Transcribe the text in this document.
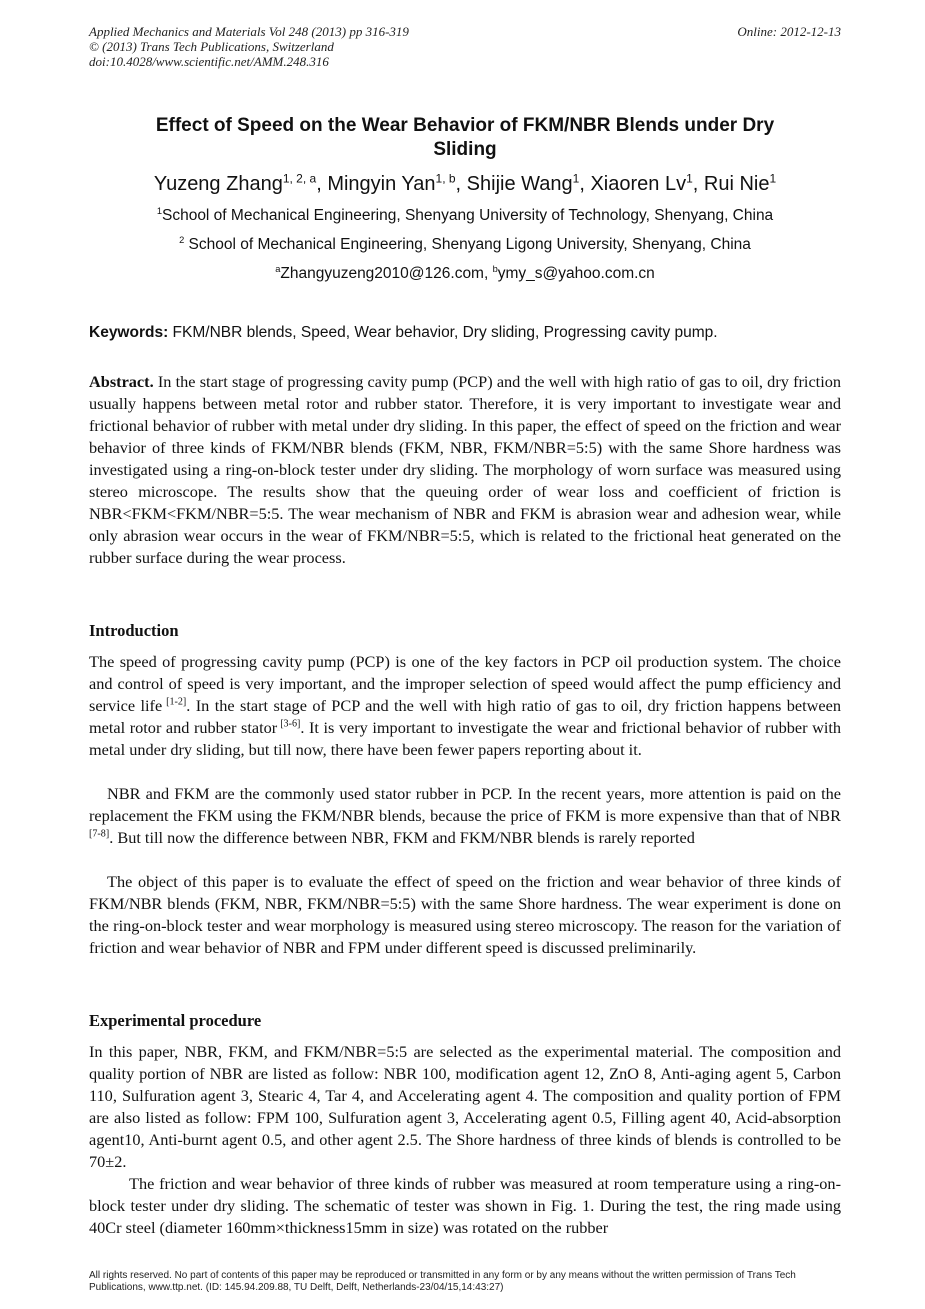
Applied Mechanics and Materials Vol 248 (2013) pp 316-319	Online: 2012-12-13
© (2013) Trans Tech Publications, Switzerland
doi:10.4028/www.scientific.net/AMM.248.316
Effect of Speed on the Wear Behavior of FKM/NBR Blends under Dry
Sliding
Yuzeng Zhang$^{1, 2, a}$, Mingyin Yan$^{1, b}$, Shijie Wang$^1$, Xiaoren Lv$^1$, Rui Nie$^1$
$^1$School of Mechanical Engineering, Shenyang University of Technology, Shenyang, China
$^2$ School of Mechanical Engineering, Shenyang Ligong University, Shenyang, China
$^a$Zhangyuzeng2010@126.com, $^b$ymy_s@yahoo.com.cn
Keywords: FKM/NBR blends, Speed, Wear behavior, Dry sliding, Progressing cavity pump.
Abstract. In the start stage of progressing cavity pump (PCP) and the well with high ratio of gas to oil, dry friction usually happens between metal rotor and rubber stator. Therefore, it is very important to investigate wear and frictional behavior of rubber with metal under dry sliding. In this paper, the effect of speed on the friction and wear behavior of three kinds of FKM/NBR blends (FKM, NBR, FKM/NBR=5:5) with the same Shore hardness was investigated using a ring-on-block tester under dry sliding. The morphology of worn surface was measured using stereo microscope. The results show that the queuing order of wear loss and coefficient of friction is NBR<FKM<FKM/NBR=5:5. The wear mechanism of NBR and FKM is abrasion wear and adhesion wear, while only abrasion wear occurs in the wear of FKM/NBR=5:5, which is related to the frictional heat generated on the rubber surface during the wear process.
Introduction
The speed of progressing cavity pump (PCP) is one of the key factors in PCP oil production system. The choice and control of speed is very important, and the improper selection of speed would affect the pump efficiency and service life [1-2]. In the start stage of PCP and the well with high ratio of gas to oil, dry friction happens between metal rotor and rubber stator [3-6]. It is very important to investigate the wear and frictional behavior of rubber with metal under dry sliding, but till now, there have been fewer papers reporting about it.
NBR and FKM are the commonly used stator rubber in PCP. In the recent years, more attention is paid on the replacement the FKM using the FKM/NBR blends, because the price of FKM is more expensive than that of NBR [7-8]. But till now the difference between NBR, FKM and FKM/NBR blends is rarely reported
The object of this paper is to evaluate the effect of speed on the friction and wear behavior of three kinds of FKM/NBR blends (FKM, NBR, FKM/NBR=5:5) with the same Shore hardness. The wear experiment is done on the ring-on-block tester and wear morphology is measured using stereo microscopy. The reason for the variation of friction and wear behavior of NBR and FPM under different speed is discussed preliminarily.
Experimental procedure
In this paper, NBR, FKM, and FKM/NBR=5:5 are selected as the experimental material. The composition and quality portion of NBR are listed as follow: NBR 100, modification agent 12, ZnO 8, Anti-aging agent 5, Carbon 110, Sulfuration agent 3, Stearic 4, Tar 4, and Accelerating agent 4. The composition and quality portion of FPM are also listed as follow: FPM 100, Sulfuration agent 3, Accelerating agent 0.5, Filling agent 40, Acid-absorption agent10, Anti-burnt agent 0.5, and other agent 2.5. The Shore hardness of three kinds of blends is controlled to be 70±2.
The friction and wear behavior of three kinds of rubber was measured at room temperature using a ring-on-block tester under dry sliding. The schematic of tester was shown in Fig. 1. During the test, the ring made using 40Cr steel (diameter 160mm×thickness15mm in size) was rotated on the rubber
All rights reserved. No part of contents of this paper may be reproduced or transmitted in any form or by any means without the written permission of Trans Tech Publications, www.ttp.net. (ID: 145.94.209.88, TU Delft, Delft, Netherlands-23/04/15,14:43:27)
